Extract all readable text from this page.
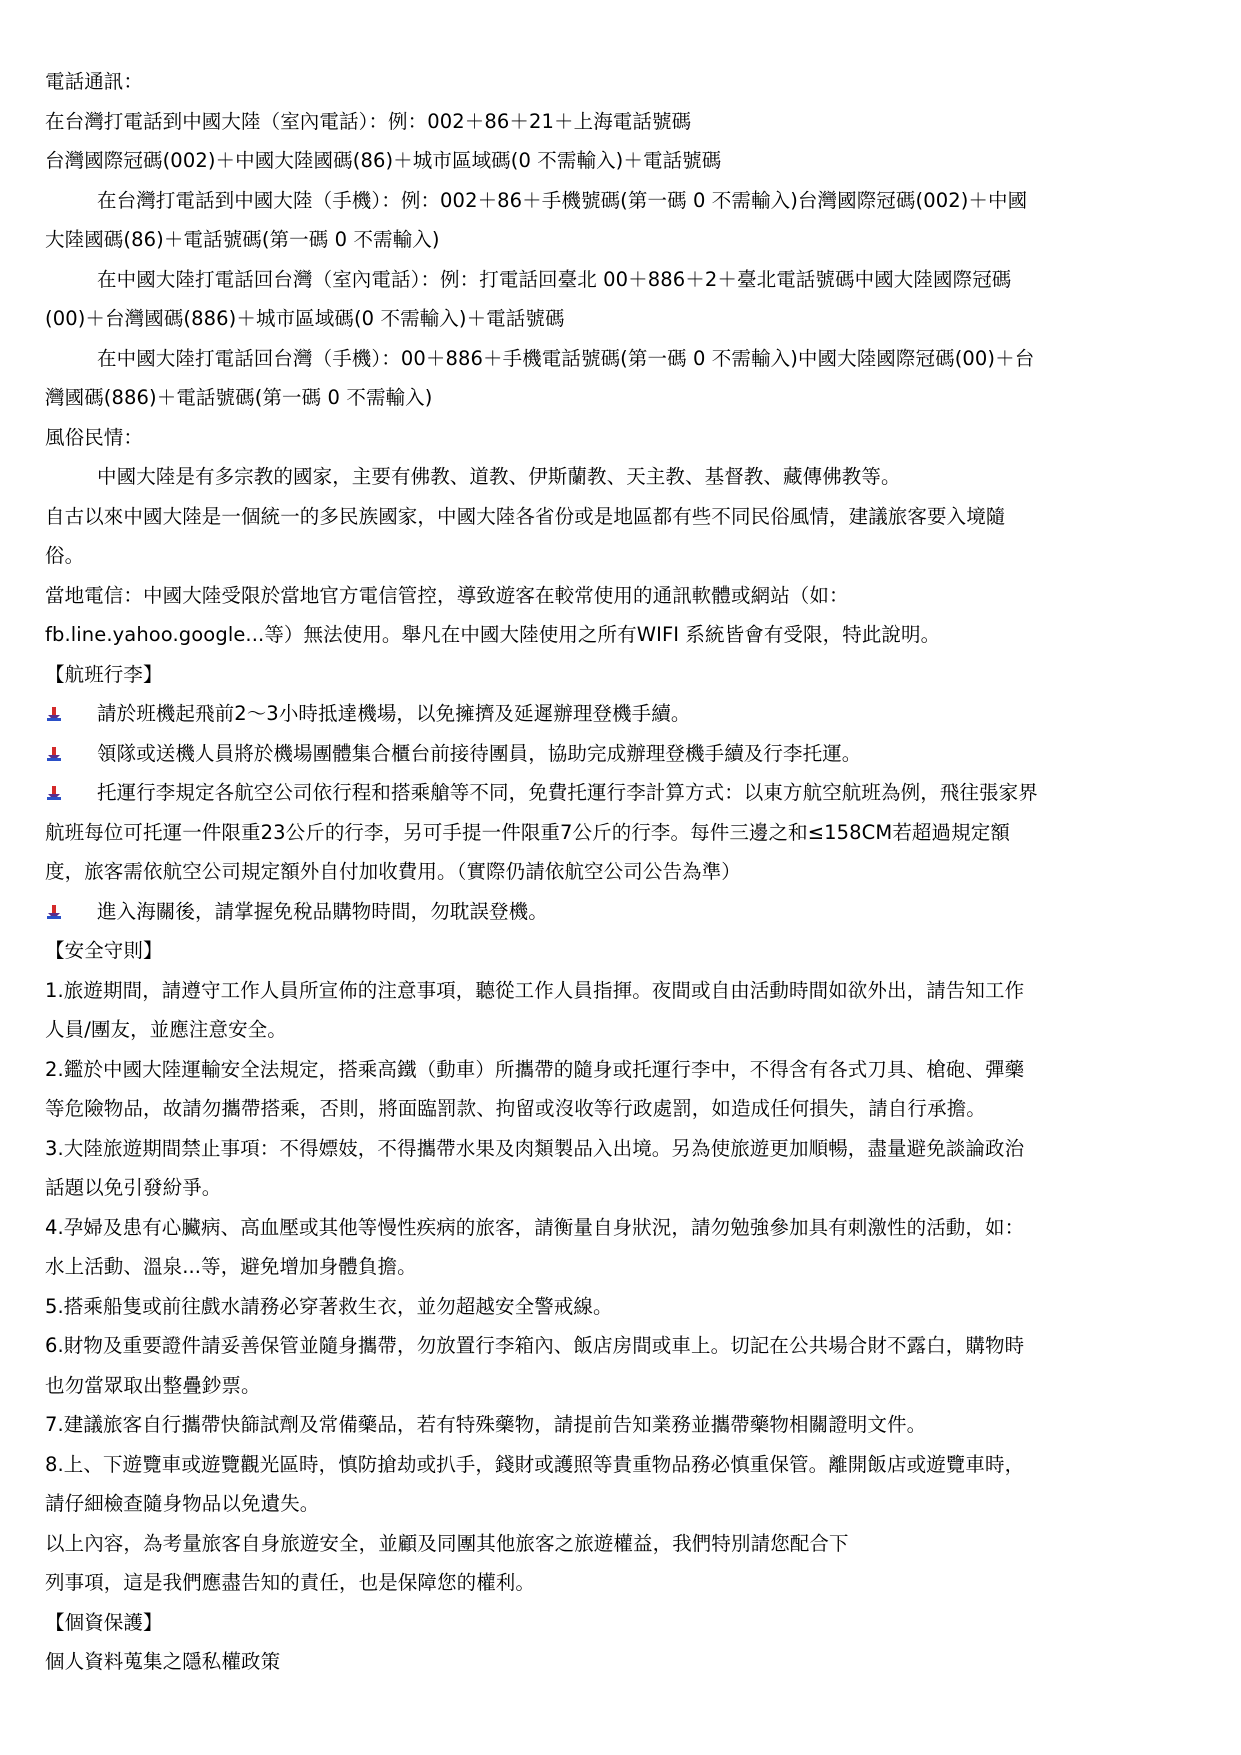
電話通訊：
在台灣打電話到中國大陸（室內電話）：例：002＋86＋21＋上海電話號碼
台灣國際冠碼(002)＋中國大陸國碼(86)＋城市區域碼(0 不需輸入)＋電話號碼
在台灣打電話到中國大陸（手機）：例：002＋86＋手機號碼(第一碼 0 不需輸入)台灣國際冠碼(002)＋中國
大陸國碼(86)＋電話號碼(第一碼 0 不需輸入)
在中國大陸打電話回台灣（室內電話）：例：打電話回臺北 00＋886＋2＋臺北電話號碼中國大陸國際冠碼
(00)＋台灣國碼(886)＋城市區域碼(0 不需輸入)＋電話號碼
在中國大陸打電話回台灣（手機）：00＋886＋手機電話號碼(第一碼 0 不需輸入)中國大陸國際冠碼(00)＋台
灣國碼(886)＋電話號碼(第一碼 0 不需輸入)
風俗民情：
中國大陸是有多宗教的國家，主要有佛教、道教、伊斯蘭教、天主教、基督教、藏傳佛教等。
自古以來中國大陸是一個統一的多民族國家，中國大陸各省份或是地區都有些不同民俗風情，建議旅客要入境隨
俗。
當地電信：中國大陸受限於當地官方電信管控，導致遊客在較常使用的通訊軟體或網站（如：
fb.line.yahoo.google...等）無法使用。舉凡在中國大陸使用之所有WIFI 系統皆會有受限，特此說明。
【航班行李】
請於班機起飛前2～3小時抵達機場，以免擁擠及延遲辦理登機手續。
領隊或送機人員將於機場團體集合櫃台前接待團員，協助完成辦理登機手續及行李托運。
托運行李規定各航空公司依行程和搭乘艙等不同，免費托運行李計算方式：以東方航空航班為例，飛往張家界
航班每位可托運一件限重23公斤的行李，另可手提一件限重7公斤的行李。每件三邊之和≤158CM若超過規定額
度，旅客需依航空公司規定額外自付加收費用。（實際仍請依航空公司公告為準）
進入海關後，請掌握免稅品購物時間，勿耽誤登機。
【安全守則】
1.旅遊期間，請遵守工作人員所宣佈的注意事項，聽從工作人員指揮。夜間或自由活動時間如欲外出，請告知工作
人員/團友，並應注意安全。
2.鑑於中國大陸運輸安全法規定，搭乘高鐵（動車）所攜帶的隨身或托運行李中，不得含有各式刀具、槍砲、彈藥
等危險物品，故請勿攜帶搭乘，否則，將面臨罰款、拘留或沒收等行政處罰，如造成任何損失，請自行承擔。
3.大陸旅遊期間禁止事項：不得嫖妓，不得攜帶水果及肉類製品入出境。另為使旅遊更加順暢，盡量避免談論政治
話題以免引發紛爭。
4.孕婦及患有心臟病、高血壓或其他等慢性疾病的旅客，請衡量自身狀況，請勿勉強參加具有刺激性的活動，如：
水上活動、溫泉...等，避免增加身體負擔。
5.搭乘船隻或前往戲水請務必穿著救生衣，並勿超越安全警戒線。
6.財物及重要證件請妥善保管並隨身攜帶，勿放置行李箱內、飯店房間或車上。切記在公共場合財不露白，購物時
也勿當眾取出整疊鈔票。
7.建議旅客自行攜帶快篩試劑及常備藥品，若有特殊藥物，請提前告知業務並攜帶藥物相關證明文件。
8.上、下遊覽車或遊覽觀光區時，慎防搶劫或扒手，錢財或護照等貴重物品務必慎重保管。離開飯店或遊覽車時，
請仔細檢查隨身物品以免遺失。
以上內容，為考量旅客自身旅遊安全，並顧及同團其他旅客之旅遊權益，我們特別請您配合下
列事項，這是我們應盡告知的責任，也是保障您的權利。
【個資保護】
個人資料蒐集之隱私權政策
